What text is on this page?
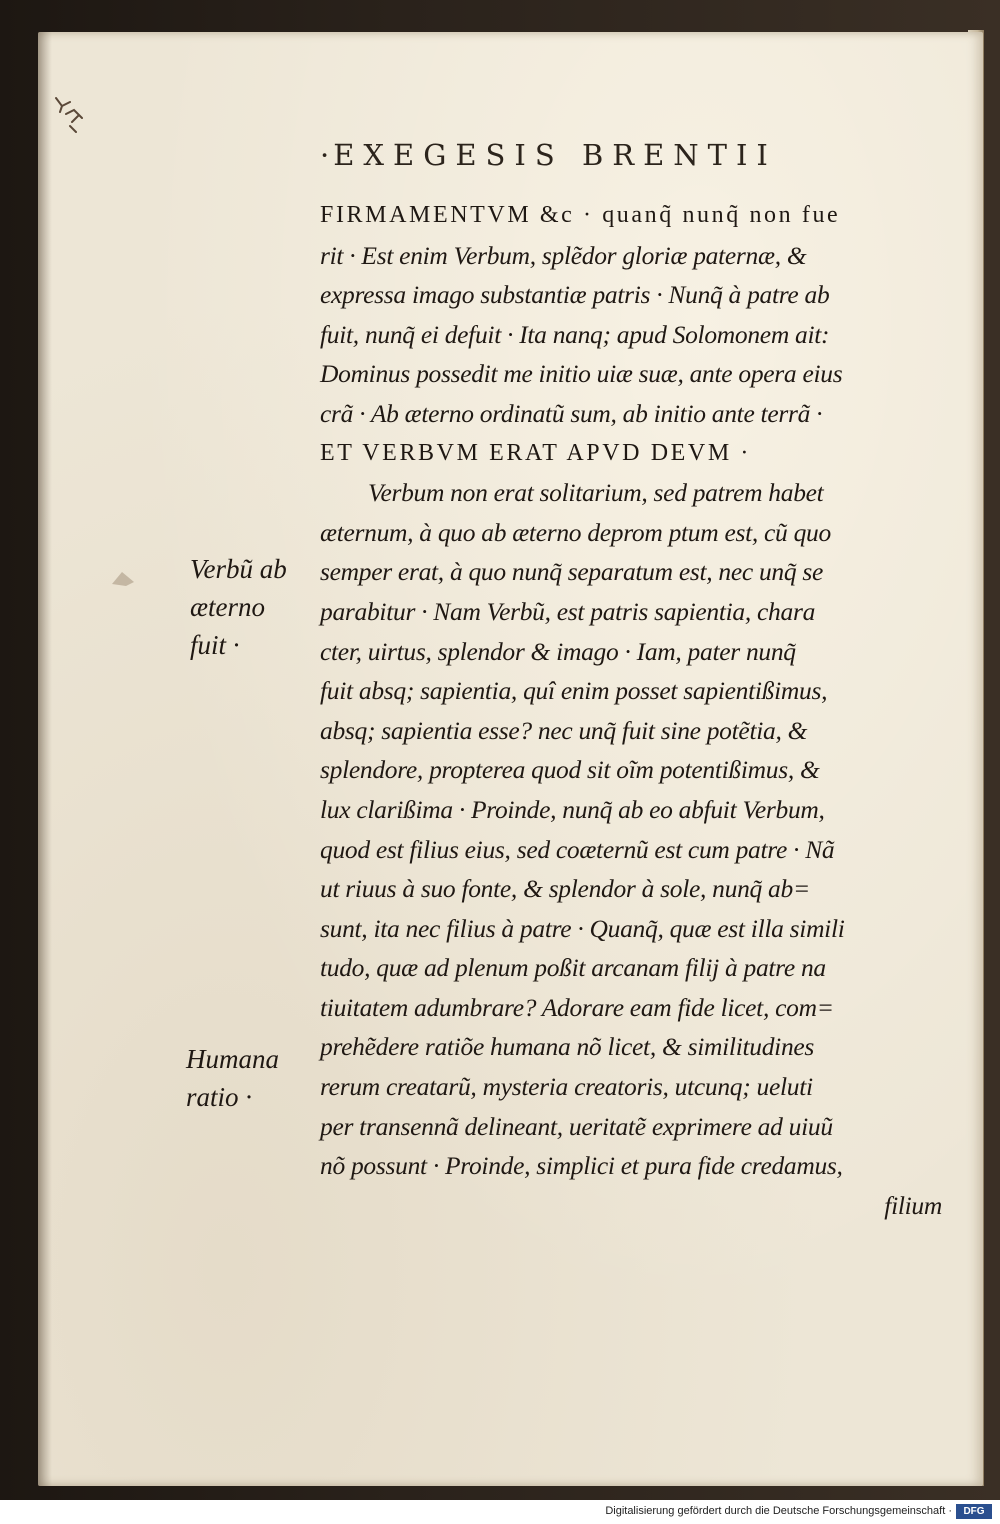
· EXEGESIS BRENTII
FIRMAMENTVM &c · quanq̃ nunq̃ non fue
rit · Est enim Verbum, splẽdor gloriæ paternæ, &
expressa imago substantiæ patris · Nunq̃ à patre ab
fuit, nunq̃ ei defuit · Ita nanq; apud Solomonem ait:
Dominus possedit me initio uiæ suæ, ante opera eius
crã · Ab æterno ordinatũ sum, ab initio ante terrã ·
ET VERBVM ERAT APVD DEVM ·
Verbum non erat solitarium, sed patrem habet
æternum, à quo ab æterno deprom ptum est, cũ quo
semper erat, à quo nunq̃ separatum est, nec unq̃ se
parabitur · Nam Verbũ, est patris sapientia, chara
cter, uirtus, splendor & imago · Iam, pater nunq̃
fuit absq; sapientia, quî enim posset sapientißimus,
absq; sapientia esse? nec unq̃ fuit sine potẽtia, &
splendore, propterea quod sit oĩm potentißimus, &
lux clarißima · Proinde, nunq̃ ab eo abfuit Verbum,
quod est filius eius, sed coæternũ est cum patre · Nã
ut riuus à suo fonte, & splendor à sole, nunq̃ ab=
sunt, ita nec filius à patre · Quanq̃, quæ est illa simili
tudo, quæ ad plenum poßit arcanam filij à patre na
tiuitatem adumbrare? Adorare eam fide licet, com=
prehẽdere ratiõe humana nõ licet, & similitudines
rerum creatarũ, mysteria creatoris, utcunq; ueluti
per transennã delineant, ueritatẽ exprimere ad uiuũ
nõ possunt · Proinde, simplici et pura fide credamus,
filium
Verbũ ab
æterno
fuit ·
Humana
ratio ·
Digitalisierung gefördert durch die Deutsche Forschungsgemeinschaft ·	DFG
